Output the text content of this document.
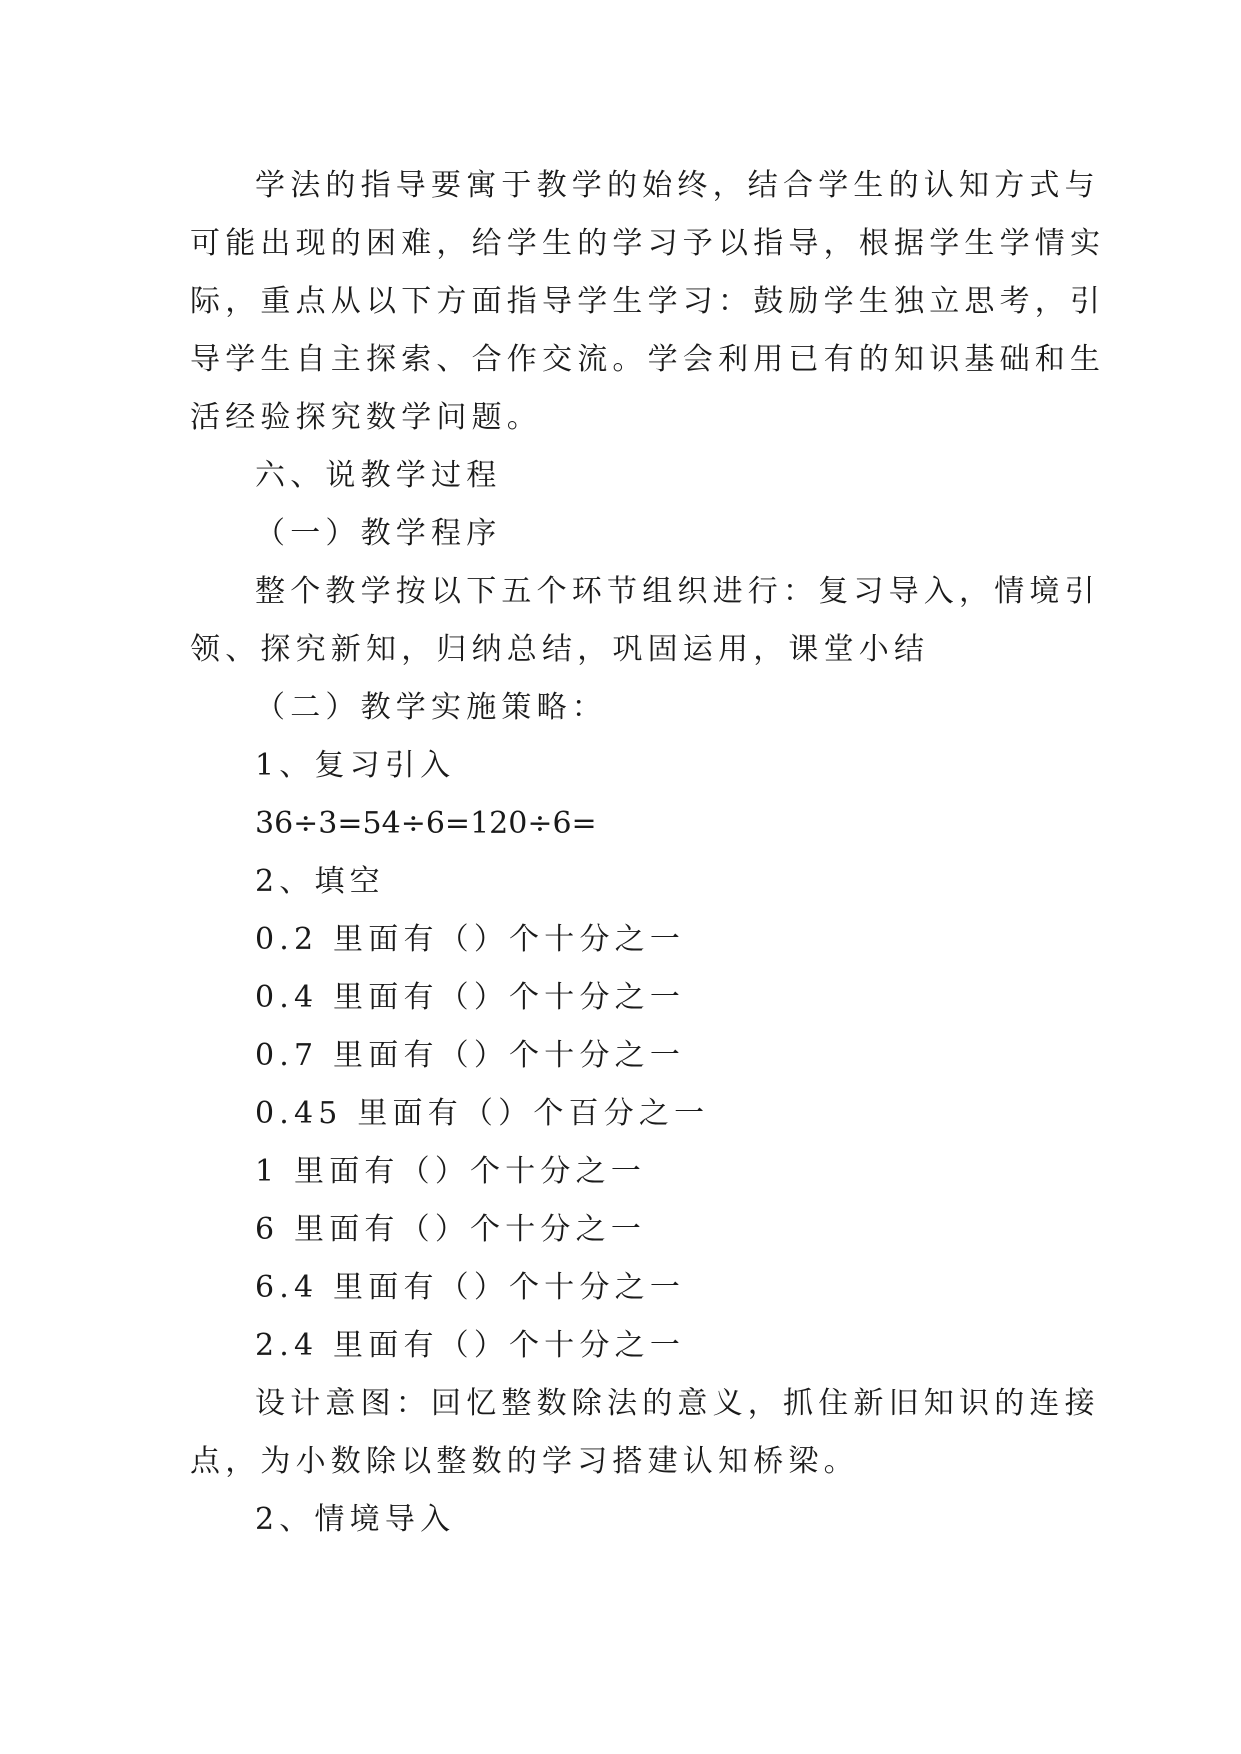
学法的指导要寓于教学的始终，结合学生的认知方式与
可能出现的困难，给学生的学习予以指导，根据学生学情实
际，重点从以下方面指导学生学习：鼓励学生独立思考，引
导学生自主探索、合作交流。学会利用已有的知识基础和生
活经验探究数学问题。
六、说教学过程
（一）教学程序
整个教学按以下五个环节组织进行：复习导入，情境引
领、探究新知，归纳总结，巩固运用，课堂小结
（二）教学实施策略：
1、复习引入
36÷3=54÷6=120÷6=
2、填空
0.2 里面有（）个十分之一
0.4 里面有（）个十分之一
0.7 里面有（）个十分之一
0.45 里面有（）个百分之一
1 里面有（）个十分之一
6 里面有（）个十分之一
6.4 里面有（）个十分之一
2.4 里面有（）个十分之一
设计意图：回忆整数除法的意义，抓住新旧知识的连接
点，为小数除以整数的学习搭建认知桥梁。
2、情境导入
